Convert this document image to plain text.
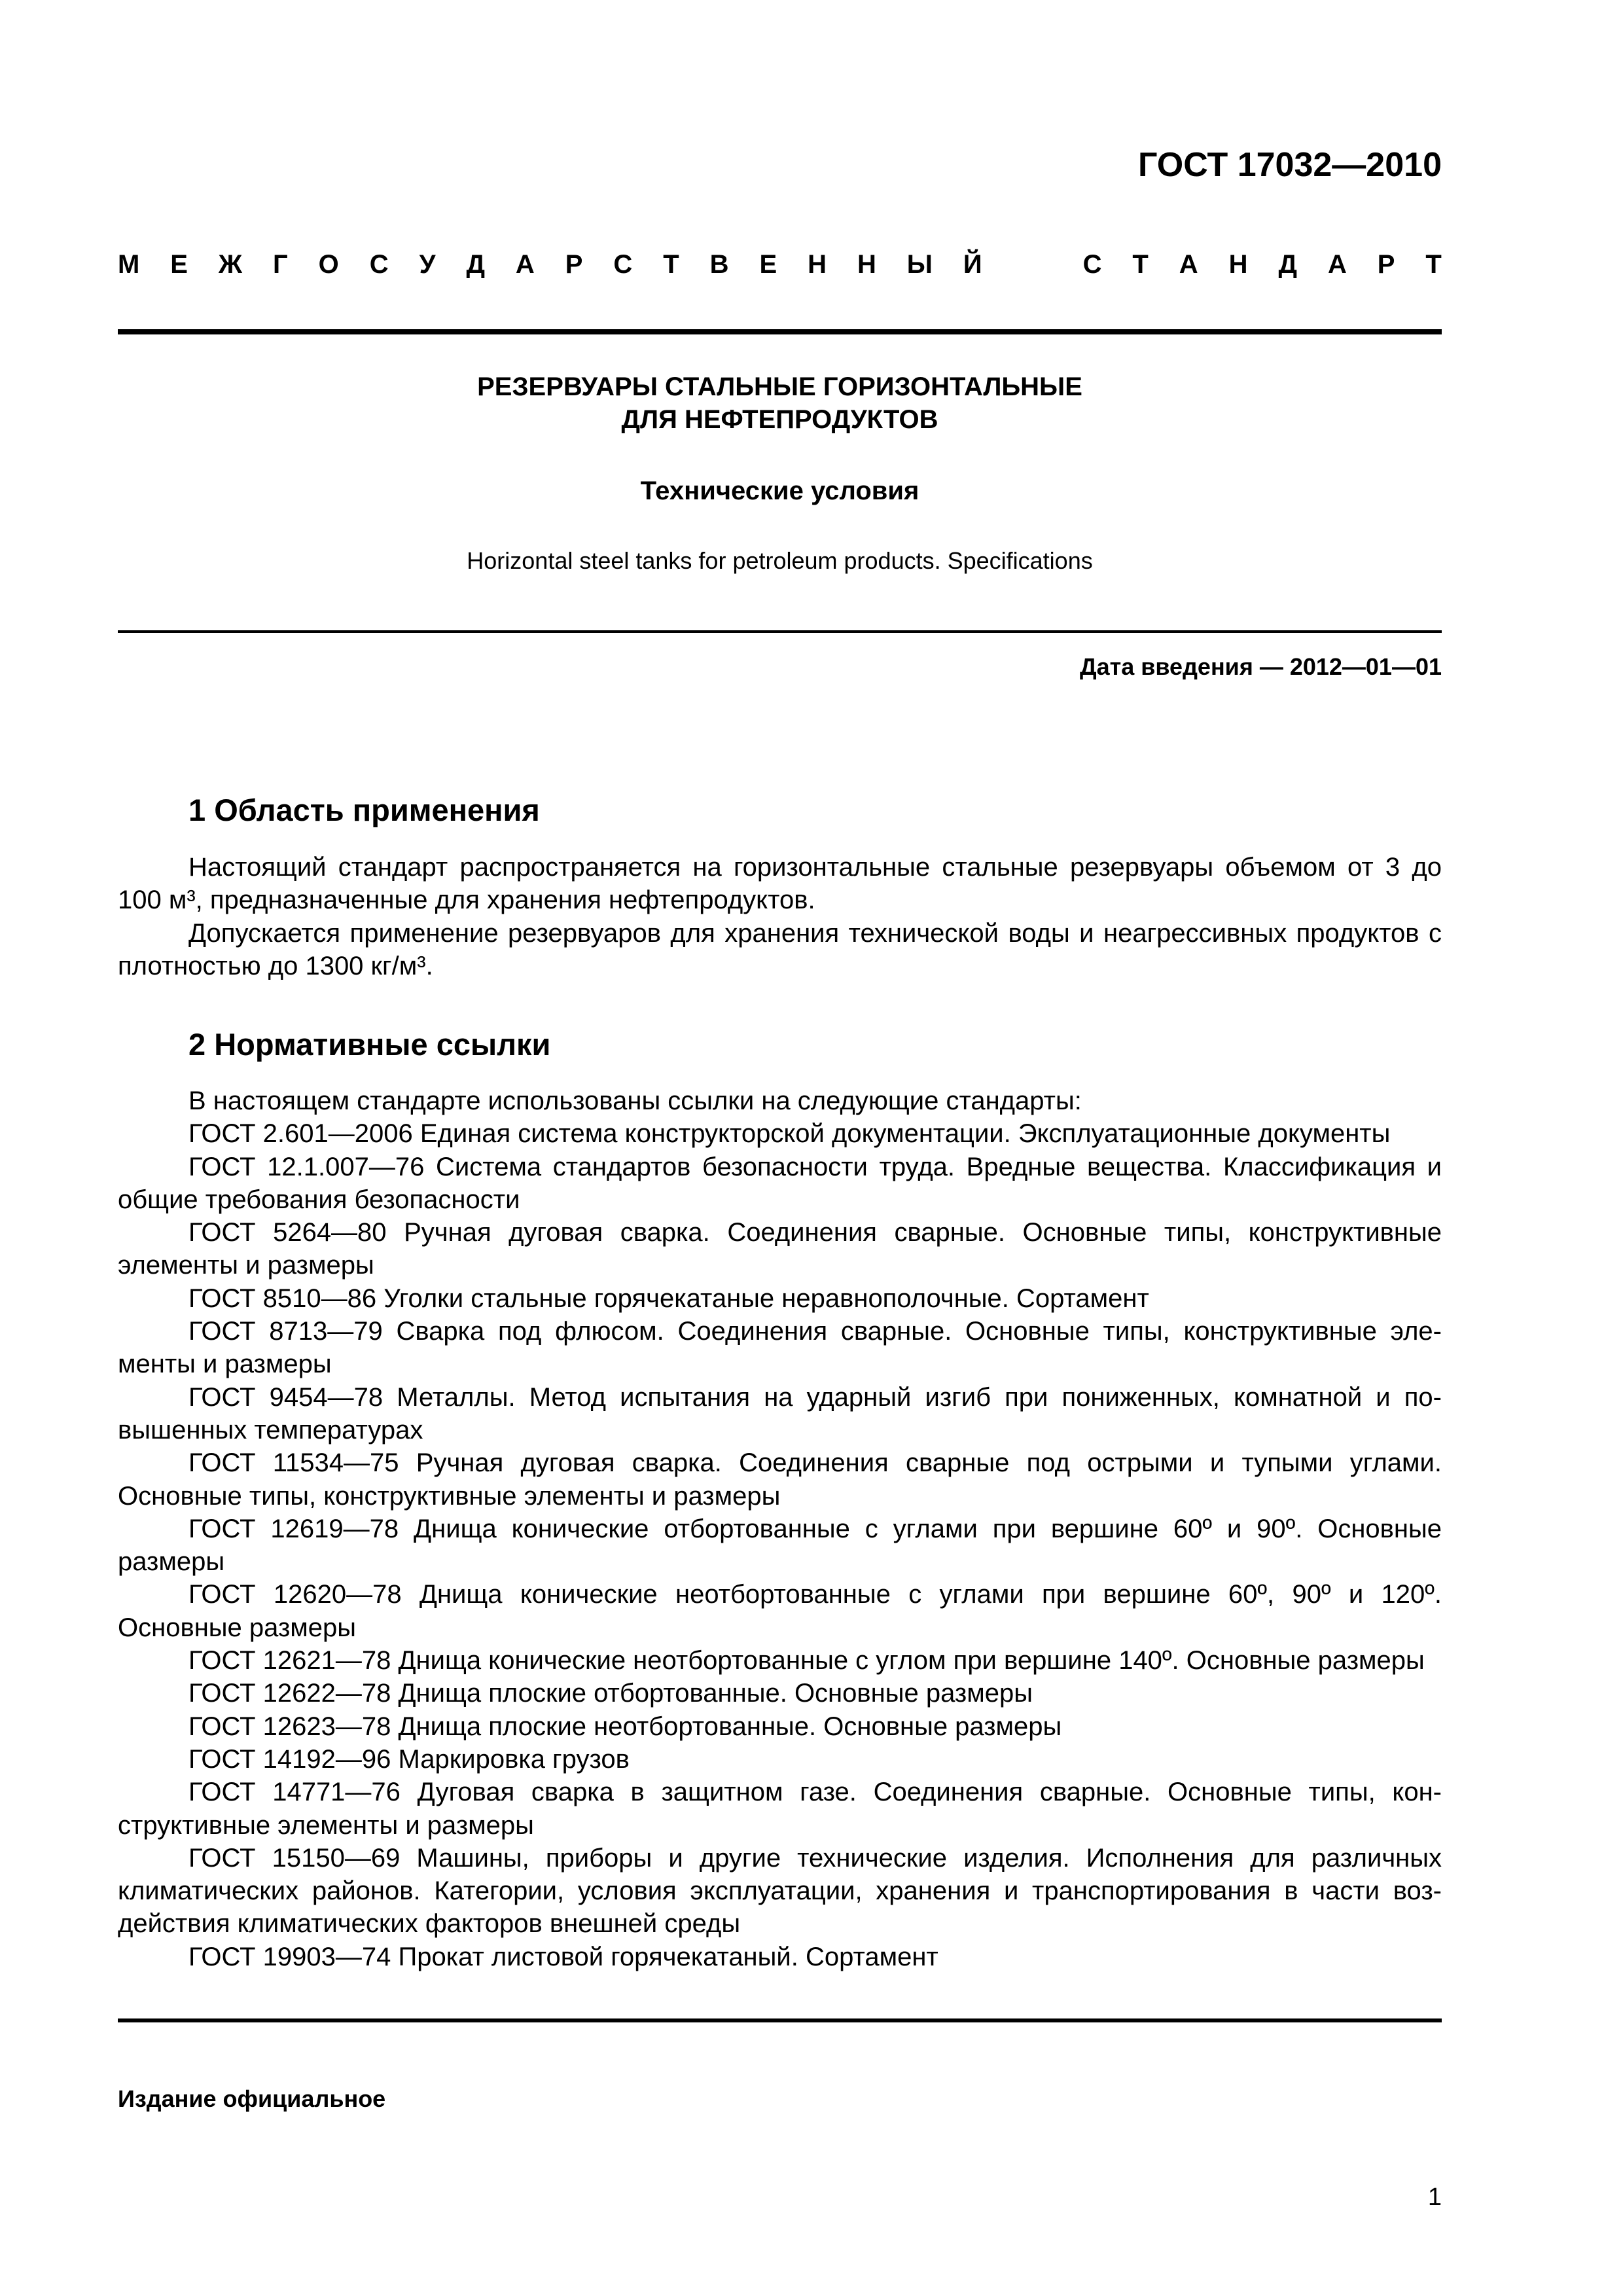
ГОСТ 17032—2010
М Е Ж Г О С У Д А Р С Т В Е Н Н Ы Й	С Т А Н Д А Р Т
РЕЗЕРВУАРЫ СТАЛЬНЫЕ ГОРИЗОНТАЛЬНЫЕ
ДЛЯ НЕФТЕПРОДУКТОВ
Технические условия
Horizontal steel tanks for petroleum products. Specifications
Дата введения — 2012—01—01
1 Область применения

Настоящий стандарт распространяется на горизонтальные стальные резервуары объемом от 3 до 100 м³, предназначенные для хранения нефтепродуктов.

Допускается применение резервуаров для хранения технической воды и неагрессивных продуктов с плотностью до 1300 кг/м³.

2 Нормативные ссылки

В настоящем стандарте использованы ссылки на следующие стандарты:

ГОСТ 2.601—2006 Единая система конструкторской документации. Эксплуатационные документы

ГОСТ 12.1.007—76 Система стандартов безопасности труда. Вредные вещества. Классификация и общие требования безопасности

ГОСТ 5264—80 Ручная дуговая сварка. Соединения сварные. Основные типы, конструктивные элементы и размеры

ГОСТ 8510—86 Уголки стальные горячекатаные неравнополочные. Сортамент

ГОСТ 8713—79 Сварка под флюсом. Соединения сварные. Основные типы, конструктивные элементы и размеры

ГОСТ 9454—78 Металлы. Метод испытания на ударный изгиб при пониженных, комнатной и повышенных температурах

ГОСТ 11534—75 Ручная дуговая сварка. Соединения сварные под острыми и тупыми углами. Основные типы, конструктивные элементы и размеры

ГОСТ 12619—78 Днища конические отбортованные с углами при вершине 60º и 90º. Основные размеры

ГОСТ 12620—78 Днища конические неотбортованные с углами при вершине 60º, 90º и 120º. Основные размеры

ГОСТ 12621—78 Днища конические неотбортованные с углом при вершине 140º. Основные размеры

ГОСТ 12622—78 Днища плоские отбортованные. Основные размеры

ГОСТ 12623—78 Днища плоские неотбортованные. Основные размеры

ГОСТ 14192—96 Маркировка грузов

ГОСТ 14771—76 Дуговая сварка в защитном газе. Соединения сварные. Основные типы, конструктивные элементы и размеры

ГОСТ 15150—69 Машины, приборы и другие технические изделия. Исполнения для различных климатических районов. Категории, условия эксплуатации, хранения и транспортирования в части воздействия климатических факторов внешней среды

ГОСТ 19903—74 Прокат листовой горячекатаный. Сортамент

Издание официальное
1
